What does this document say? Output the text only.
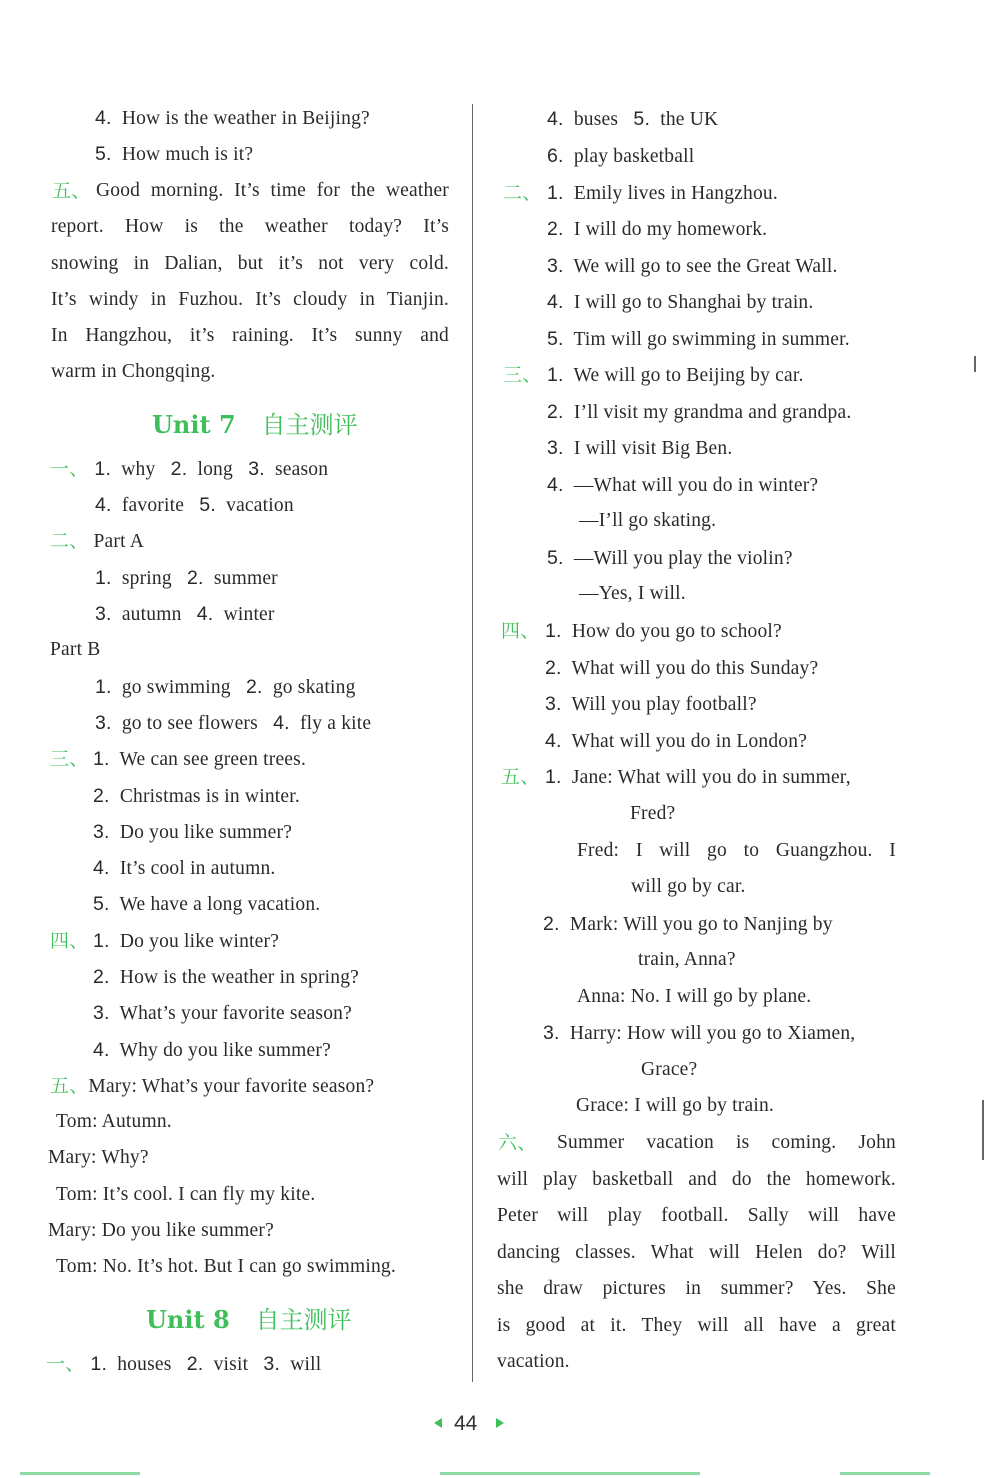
4. How is the weather in Beijing?
5. How much is it?
五、 Good morning. It’s time for the weather
report. How is the weather today? It’s
snowing in Dalian, but it’s not very cold.
It’s windy in Fuzhou. It’s cloudy in Tianjin.
In Hangzhou, it’s raining. It’s sunny and
warm in Chongqing.
Unit 7 自主测评
一、 1. why 2. long 3. season
4. favorite 5. vacation
二、 Part A
1. spring 2. summer
3. autumn 4. winter
Part B
1. go swimming 2. go skating
3. go to see flowers 4. fly a kite
三、 1. We can see green trees.
2. Christmas is in winter.
3. Do you like summer?
4. It’s cool in autumn.
5. We have a long vacation.
四、 1. Do you like winter?
2. How is the weather in spring?
3. What’s your favorite season?
4. Why do you like summer?
五、Mary: What’s your favorite season?
Tom: Autumn.
Mary: Why?
Tom: It’s cool. I can fly my kite.
Mary: Do you like summer?
Tom: No. It’s hot. But I can go swimming.
Unit 8 自主测评
一、 1. houses 2. visit 3. will
4. buses 5. the UK
6. play basketball
二、 1. Emily lives in Hangzhou.
2. I will do my homework.
3. We will go to see the Great Wall.
4. I will go to Shanghai by train.
5. Tim will go swimming in summer.
三、 1. We will go to Beijing by car.
2. I’ll visit my grandma and grandpa.
3. I will visit Big Ben.
4. —What will you do in winter?
—I’ll go skating.
5. —Will you play the violin?
—Yes, I will.
四、 1. How do you go to school?
2. What will you do this Sunday?
3. Will you play football?
4. What will you do in London?
五、 1. Jane: What will you do in summer,
Fred?
Fred: I will go to Guangzhou. I
will go by car.
2. Mark: Will you go to Nanjing by
train, Anna?
Anna: No. I will go by plane.
3. Harry: How will you go to Xiamen,
Grace?
Grace: I will go by train.
六、 Summer vacation is coming. John
will play basketball and do the homework.
Peter will play football. Sally will have
dancing classes. What will Helen do? Will
she draw pictures in summer? Yes. She
is good at it. They will all have a great
vacation.
44
